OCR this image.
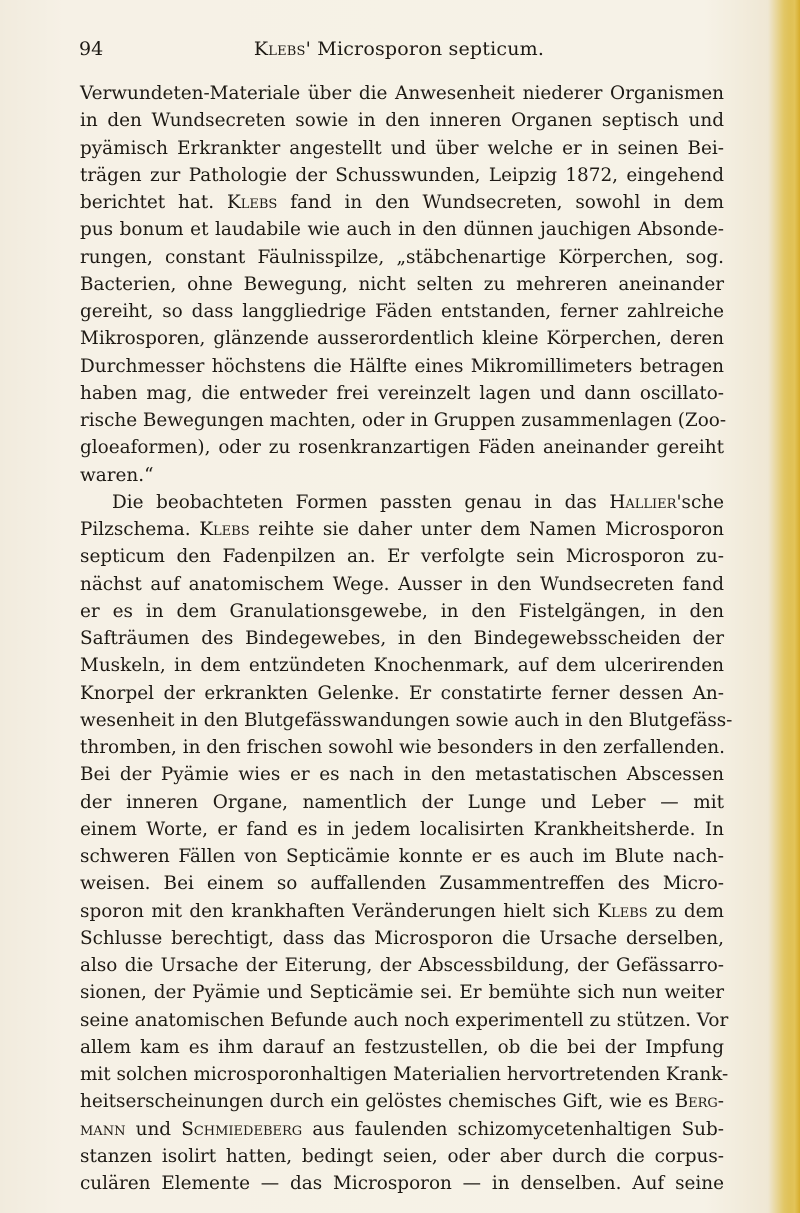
94	Klebs' Microsporon septicum.
Verwundeten-Materiale über die Anwesenheit niederer Organismen
in den Wundsecreten sowie in den inneren Organen septisch und
pyämisch Erkrankter angestellt und über welche er in seinen Bei-
trägen zur Pathologie der Schusswunden, Leipzig 1872, eingehend
berichtet hat. Klebs fand in den Wundsecreten, sowohl in dem
pus bonum et laudabile wie auch in den dünnen jauchigen Absonde-
rungen, constant Fäulnisspilze, „stäbchenartige Körperchen, sog.
Bacterien, ohne Bewegung, nicht selten zu mehreren aneinander
gereiht, so dass langgliedrige Fäden entstanden, ferner zahlreiche
Mikrosporen, glänzende ausserordentlich kleine Körperchen, deren
Durchmesser höchstens die Hälfte eines Mikromillimeters betragen
haben mag, die entweder frei vereinzelt lagen und dann oscillato-
rische Bewegungen machten, oder in Gruppen zusammenlagen (Zoo-
gloeaformen), oder zu rosenkranzartigen Fäden aneinander gereiht
waren.“
Die beobachteten Formen passten genau in das Hallier'sche
Pilzschema. Klebs reihte sie daher unter dem Namen Microsporon
septicum den Fadenpilzen an. Er verfolgte sein Microsporon zu-
nächst auf anatomischem Wege. Ausser in den Wundsecreten fand
er es in dem Granulationsgewebe, in den Fistelgängen, in den
Safträumen des Bindegewebes, in den Bindegewebsscheiden der
Muskeln, in dem entzündeten Knochenmark, auf dem ulcerirenden
Knorpel der erkrankten Gelenke. Er constatirte ferner dessen An-
wesenheit in den Blutgefässwandungen sowie auch in den Blutgefäss-
thromben, in den frischen sowohl wie besonders in den zerfallenden.
Bei der Pyämie wies er es nach in den metastatischen Abscessen
der inneren Organe, namentlich der Lunge und Leber — mit
einem Worte, er fand es in jedem localisirten Krankheitsherde. In
schweren Fällen von Septicämie konnte er es auch im Blute nach-
weisen. Bei einem so auffallenden Zusammentreffen des Micro-
sporon mit den krankhaften Veränderungen hielt sich Klebs zu dem
Schlusse berechtigt, dass das Microsporon die Ursache derselben,
also die Ursache der Eiterung, der Abscessbildung, der Gefässarro-
sionen, der Pyämie und Septicämie sei. Er bemühte sich nun weiter
seine anatomischen Befunde auch noch experimentell zu stützen. Vor
allem kam es ihm darauf an festzustellen, ob die bei der Impfung
mit solchen microsporonhaltigen Materialien hervortretenden Krank-
heitserscheinungen durch ein gelöstes chemisches Gift, wie es Berg-
mann und Schmiedeberg aus faulenden schizomycetenhaltigen Sub-
stanzen isolirt hatten, bedingt seien, oder aber durch die corpus-
culären Elemente — das Microsporon — in denselben. Auf seine
